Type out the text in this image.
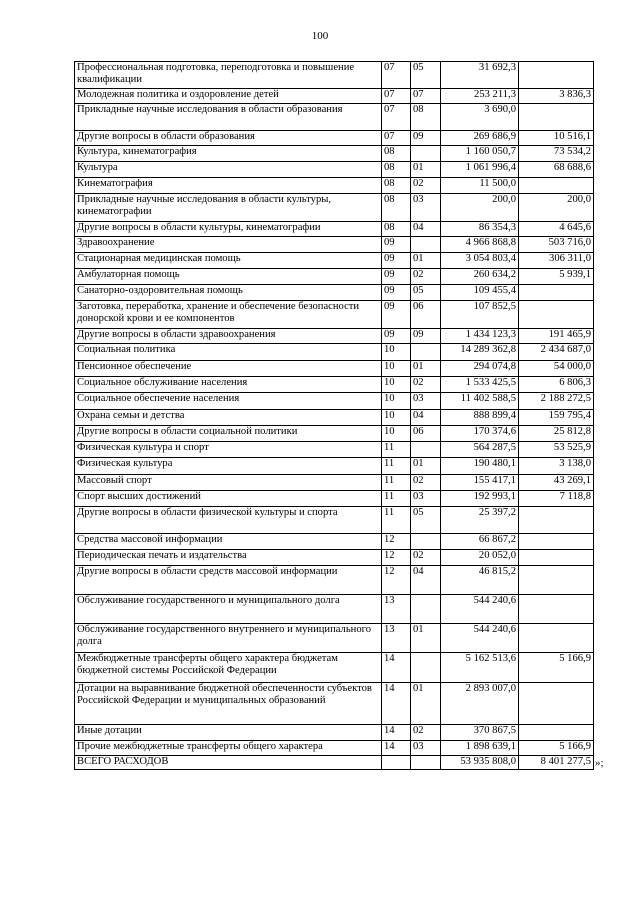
100
Профессиональная подготовка, переподготовка и повышение квалификации	07	05	31 692,3	
Молодежная политика и оздоровление детей	07	07	253 211,3	3 836,3
Прикладные научные исследования в области образования	07	08	3 690,0	
Другие вопросы в области образования	07	09	269 686,9	10 516,1
Культура, кинематография	08		1 160 050,7	73 534,2
Культура	08	01	1 061 996,4	68 688,6
Кинематография	08	02	11 500,0	
Прикладные научные исследования в области культуры, кинематографии	08	03	200,0	200,0
Другие вопросы в области культуры, кинематографии	08	04	86 354,3	4 645,6
Здравоохранение	09		4 966 868,8	503 716,0
Стационарная медицинская помощь	09	01	3 054 803,4	306 311,0
Амбулаторная помощь	09	02	260 634,2	5 939,1
Санаторно-оздоровительная помощь	09	05	109 455,4	
Заготовка, переработка, хранение и обеспечение безопасности донорской крови и ее компонентов	09	06	107 852,5	
Другие вопросы в области здравоохранения	09	09	1 434 123,3	191 465,9
Социальная политика	10		14 289 362,8	2 434 687,0
Пенсионное обеспечение	10	01	294 074,8	54 000,0
Социальное обслуживание населения	10	02	1 533 425,5	6 806,3
Социальное обеспечение населения	10	03	11 402 588,5	2 188 272,5
Охрана семьи и детства	10	04	888 899,4	159 795,4
Другие вопросы в области социальной политики	10	06	170 374,6	25 812,8
Физическая культура и спорт	11		564 287,5	53 525,9
Физическая культура	11	01	190 480,1	3 138,0
Массовый спорт	11	02	155 417,1	43 269,1
Спорт высших достижений	11	03	192 993,1	7 118,8
Другие вопросы в области физической культуры и спорта	11	05	25 397,2	
Средства массовой информации	12		66 867,2	
Периодическая печать и издательства	12	02	20 052,0	
Другие вопросы в области средств массовой информации	12	04	46 815,2	
Обслуживание государственного и муниципального долга	13		544 240,6	
Обслуживание государственного внутреннего и муниципального долга	13	01	544 240,6	
Межбюджетные трансферты общего характера бюджетам бюджетной системы Российской Федерации	14		5 162 513,6	5 166,9
Дотации на выравнивание бюджетной обеспеченности субъектов Российской Федерации и муниципальных образований	14	01	2 893 007,0	
Иные дотации	14	02	370 867,5	
Прочие межбюджетные трансферты общего характера	14	03	1 898 639,1	5 166,9
ВСЕГО РАСХОДОВ			53 935 808,0	8 401 277,5 »;
